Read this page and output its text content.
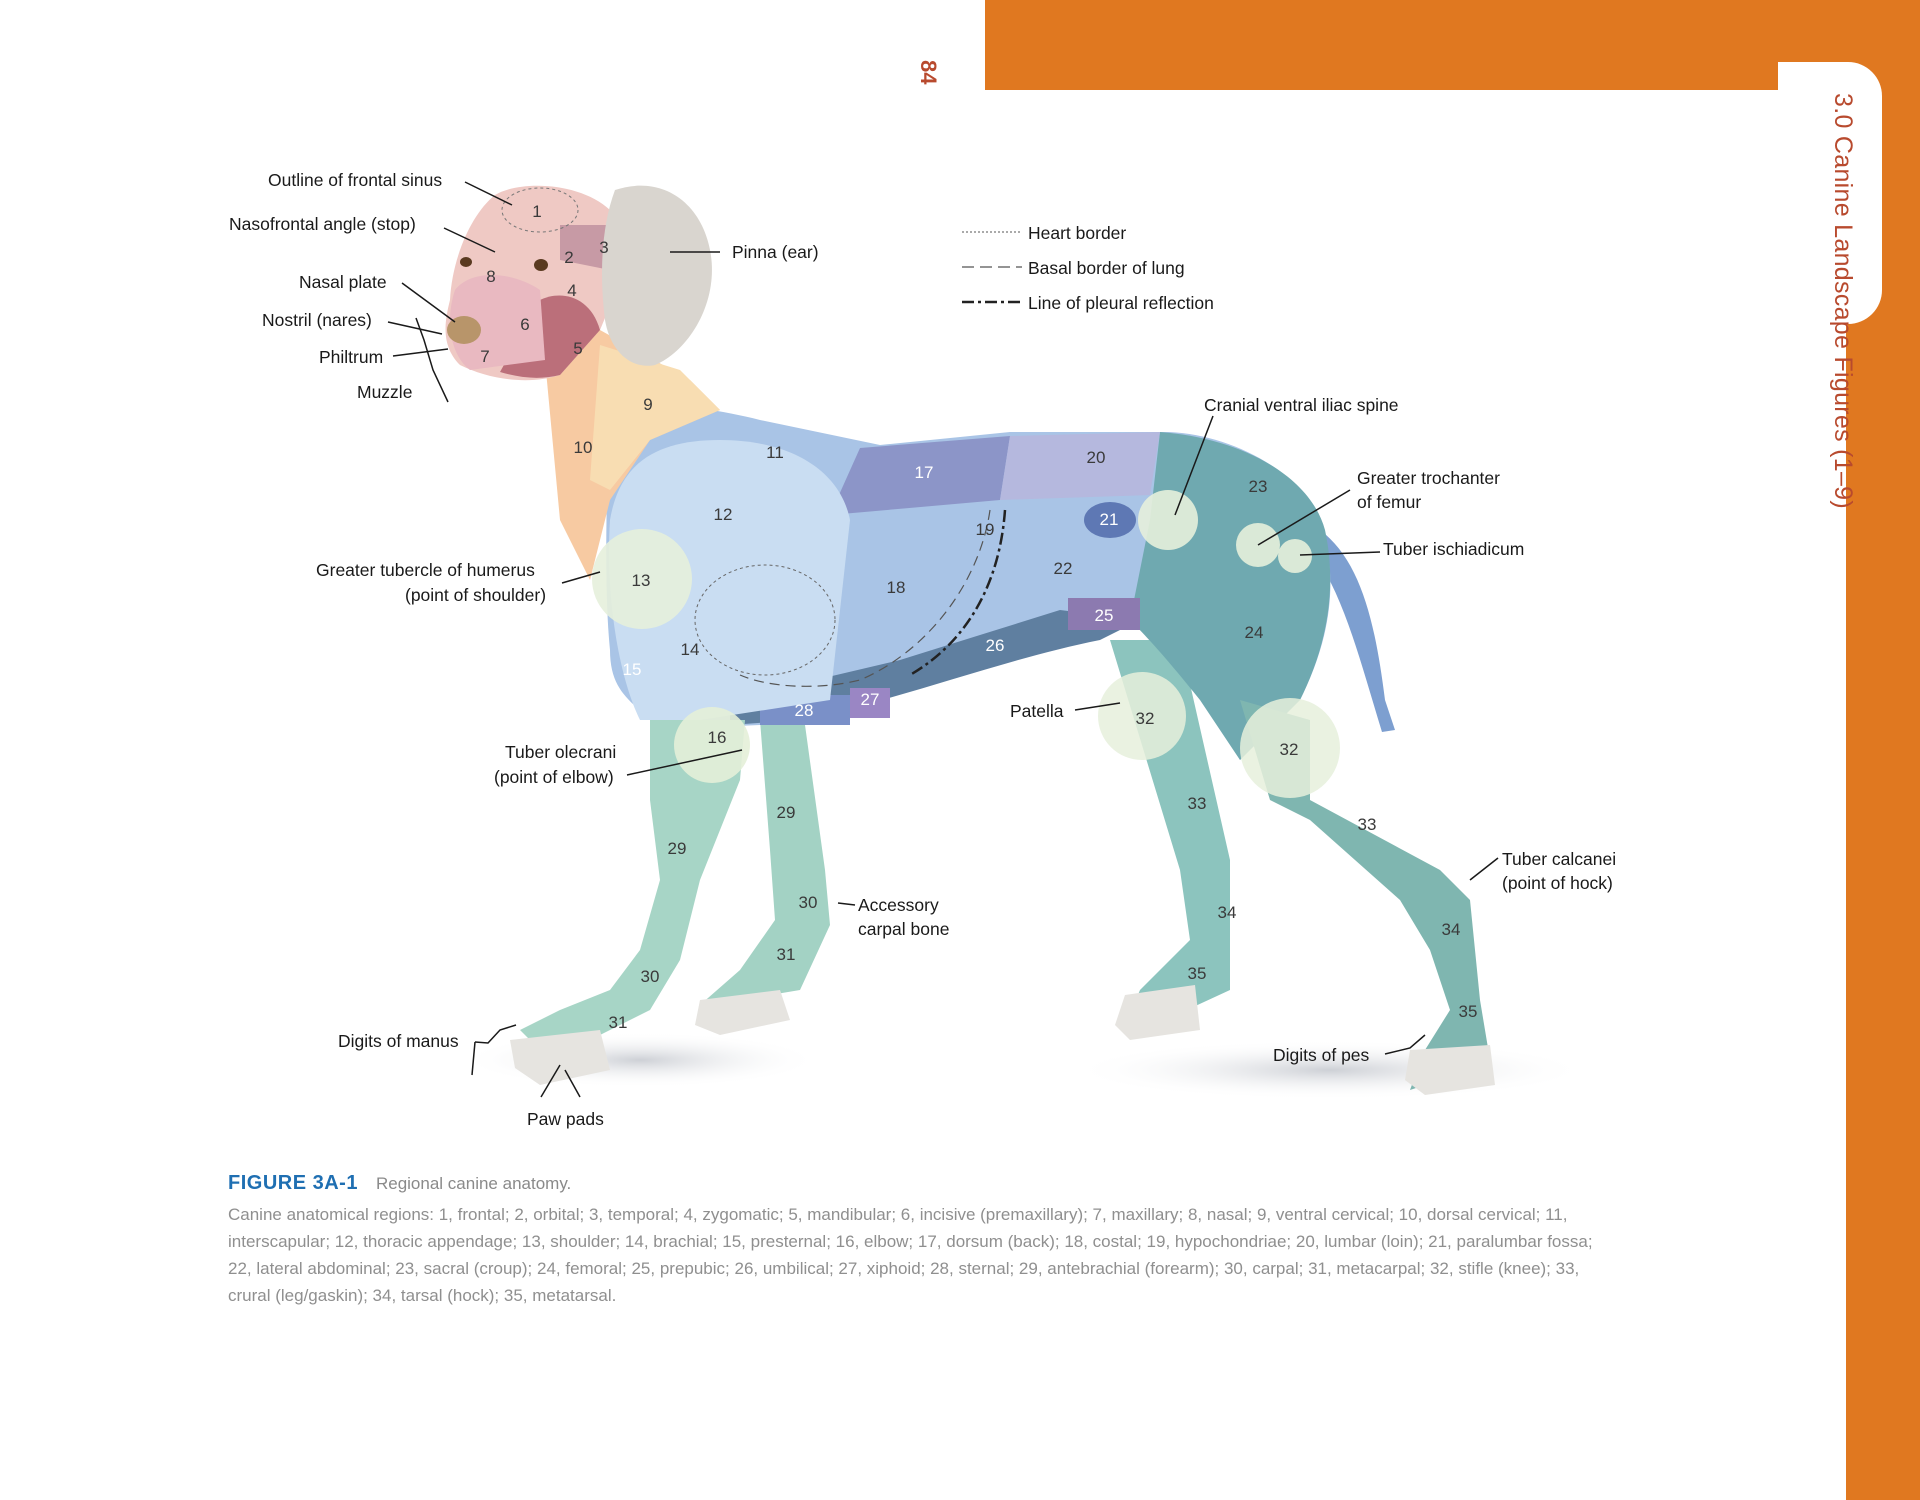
3.0 Canine Landscape Figures (1–9)
84
Heart border
Basal border of lung
Line of pleural reflection
1
2
3
4
5
6
7
8
9
10	11
12
13
14
15
16
17
18
19
20
21
22
23
24
25
26
27
28
29
29
30
30
31
31
32
32
33
33
34
34
35
35
Outline of frontal sinus
Nasofrontal angle (stop)
Nasal plate
Nostril (nares)
Philtrum
Muzzle
Pinna (ear)
Greater tubercle of humerus
(point of shoulder)
Tuber olecrani
(point of elbow)
Accessory
carpal bone
Digits of manus
Paw pads
Cranial ventral iliac spine
Greater trochanter
of femur
Tuber ischiadicum
Patella
Tuber calcanei
(point of hock)
Digits of pes
FIGURE 3A-1 Regional canine anatomy.
Canine anatomical regions: 1, frontal; 2, orbital; 3, temporal; 4, zygomatic; 5, mandibular; 6, incisive (premaxillary); 7, maxillary; 8, nasal; 9, ventral cervical; 10, dorsal cervical; 11, interscapular; 12, thoracic appendage; 13, shoulder; 14, brachial; 15, presternal; 16, elbow; 17, dorsum (back); 18, costal; 19, hypochondriae; 20, lumbar (loin); 21, paralumbar fossa; 22, lateral abdominal; 23, sacral (croup); 24, femoral; 25, prepubic; 26, umbilical; 27, xiphoid; 28, sternal; 29, antebrachial (forearm); 30, carpal; 31, metacarpal; 32, stifle (knee); 33, crural (leg/gaskin); 34, tarsal (hock); 35, metatarsal.
